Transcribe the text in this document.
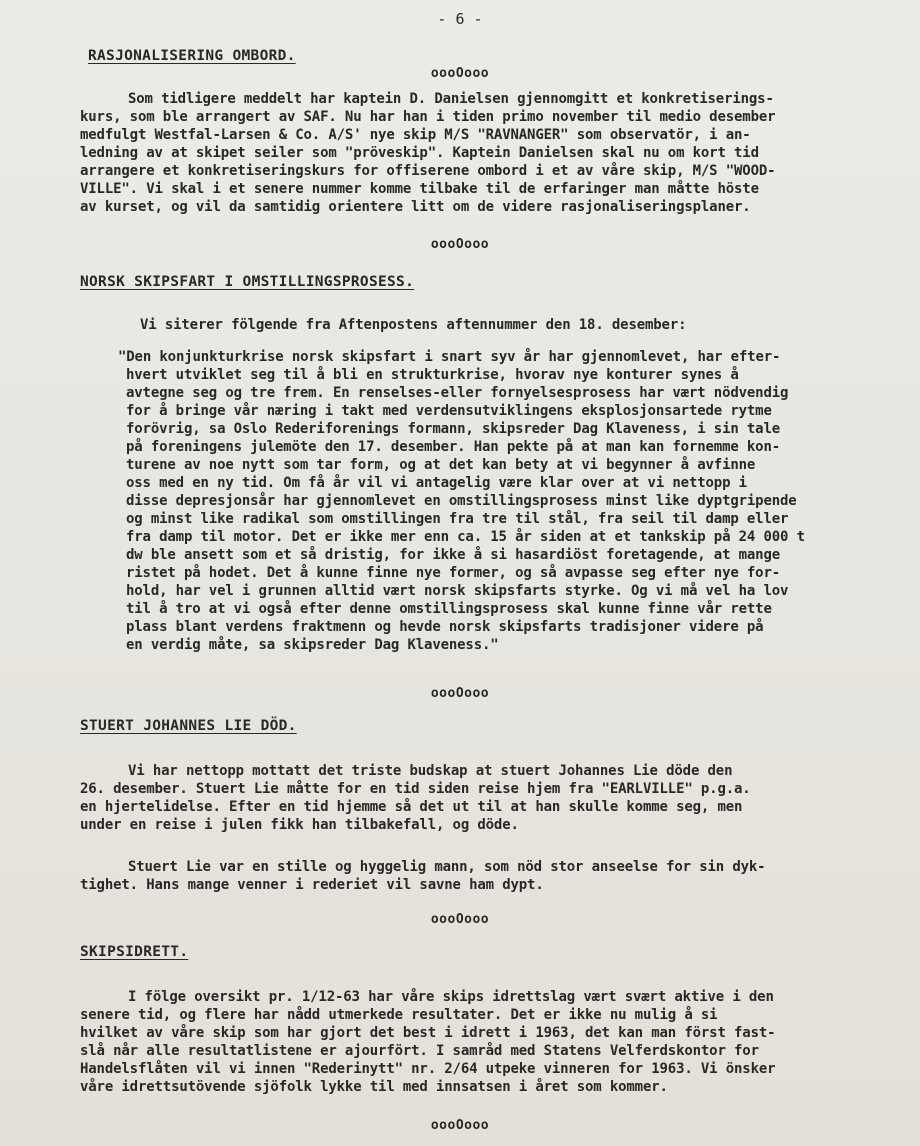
- 6 -
RASJONALISERING OMBORD.
oooOooo
Som tidligere meddelt har kaptein D. Danielsen gjennomgitt et konkretiserings-
kurs, som ble arrangert av SAF. Nu har han i tiden primo november til medio desember
medfulgt Westfal-Larsen & Co. A/S' nye skip M/S "RAVNANGER" som observatör, i an-
ledning av at skipet seiler som "pröveskip". Kaptein Danielsen skal nu om kort tid
arrangere et konkretiseringskurs for offiserene ombord i et av våre skip, M/S "WOOD-
VILLE". Vi skal i et senere nummer komme tilbake til de erfaringer man måtte höste
av kurset, og vil da samtidig orientere litt om de videre rasjonaliseringsplaner.
oooOooo
NORSK SKIPSFART I OMSTILLINGSPROSESS.
Vi siterer fölgende fra Aftenpostens aftennummer den 18. desember:
"Den konjunkturkrise norsk skipsfart i snart syv år har gjennomlevet, har efter-
hvert utviklet seg til å bli en strukturkrise, hvorav nye konturer synes å
avtegne seg og tre frem. En renselses-eller fornyelsesprosess har vært nödvendig
for å bringe vår næring i takt med verdensutviklingens eksplosjonsartede rytme
forövrig, sa Oslo Rederiforenings formann, skipsreder Dag Klaveness, i sin tale
på foreningens julemöte den 17. desember. Han pekte på at man kan fornemme kon-
turene av noe nytt som tar form, og at det kan bety at vi begynner å avfinne
oss med en ny tid. Om få år vil vi antagelig være klar over at vi nettopp i
disse depresjonsår har gjennomlevet en omstillingsprosess minst like dyptgripende
og minst like radikal som omstillingen fra tre til stål, fra seil til damp eller
fra damp til motor. Det er ikke mer enn ca. 15 år siden at et tankskip på 24 000 t
dw ble ansett som et så dristig, for ikke å si hasardiöst foretagende, at mange
ristet på hodet. Det å kunne finne nye former, og så avpasse seg efter nye for-
hold, har vel i grunnen alltid vært norsk skipsfarts styrke. Og vi må vel ha lov
til å tro at vi også efter denne omstillingsprosess skal kunne finne vår rette
plass blant verdens fraktmenn og hevde norsk skipsfarts tradisjoner videre på
en verdig måte, sa skipsreder Dag Klaveness."
oooOooo
STUERT JOHANNES LIE DÖD.
Vi har nettopp mottatt det triste budskap at stuert Johannes Lie döde den
26. desember. Stuert Lie måtte for en tid siden reise hjem fra "EARLVILLE" p.g.a.
en hjertelidelse. Efter en tid hjemme så det ut til at han skulle komme seg, men
under en reise i julen fikk han tilbakefall, og döde.
Stuert Lie var en stille og hyggelig mann, som nöd stor anseelse for sin dyk-
tighet. Hans mange venner i rederiet vil savne ham dypt.
oooOooo
SKIPSIDRETT.
I fölge oversikt pr. 1/12-63 har våre skips idrettslag vært svært aktive i den
senere tid, og flere har nådd utmerkede resultater. Det er ikke nu mulig å si
hvilket av våre skip som har gjort det best i idrett i 1963, det kan man först fast-
slå når alle resultatlistene er ajourfört. I samråd med Statens Velferdskontor for
Handelsflåten vil vi innen "Rederinytt" nr. 2/64 utpeke vinneren for 1963. Vi önsker
våre idrettsutövende sjöfolk lykke til med innsatsen i året som kommer.
oooOooo
